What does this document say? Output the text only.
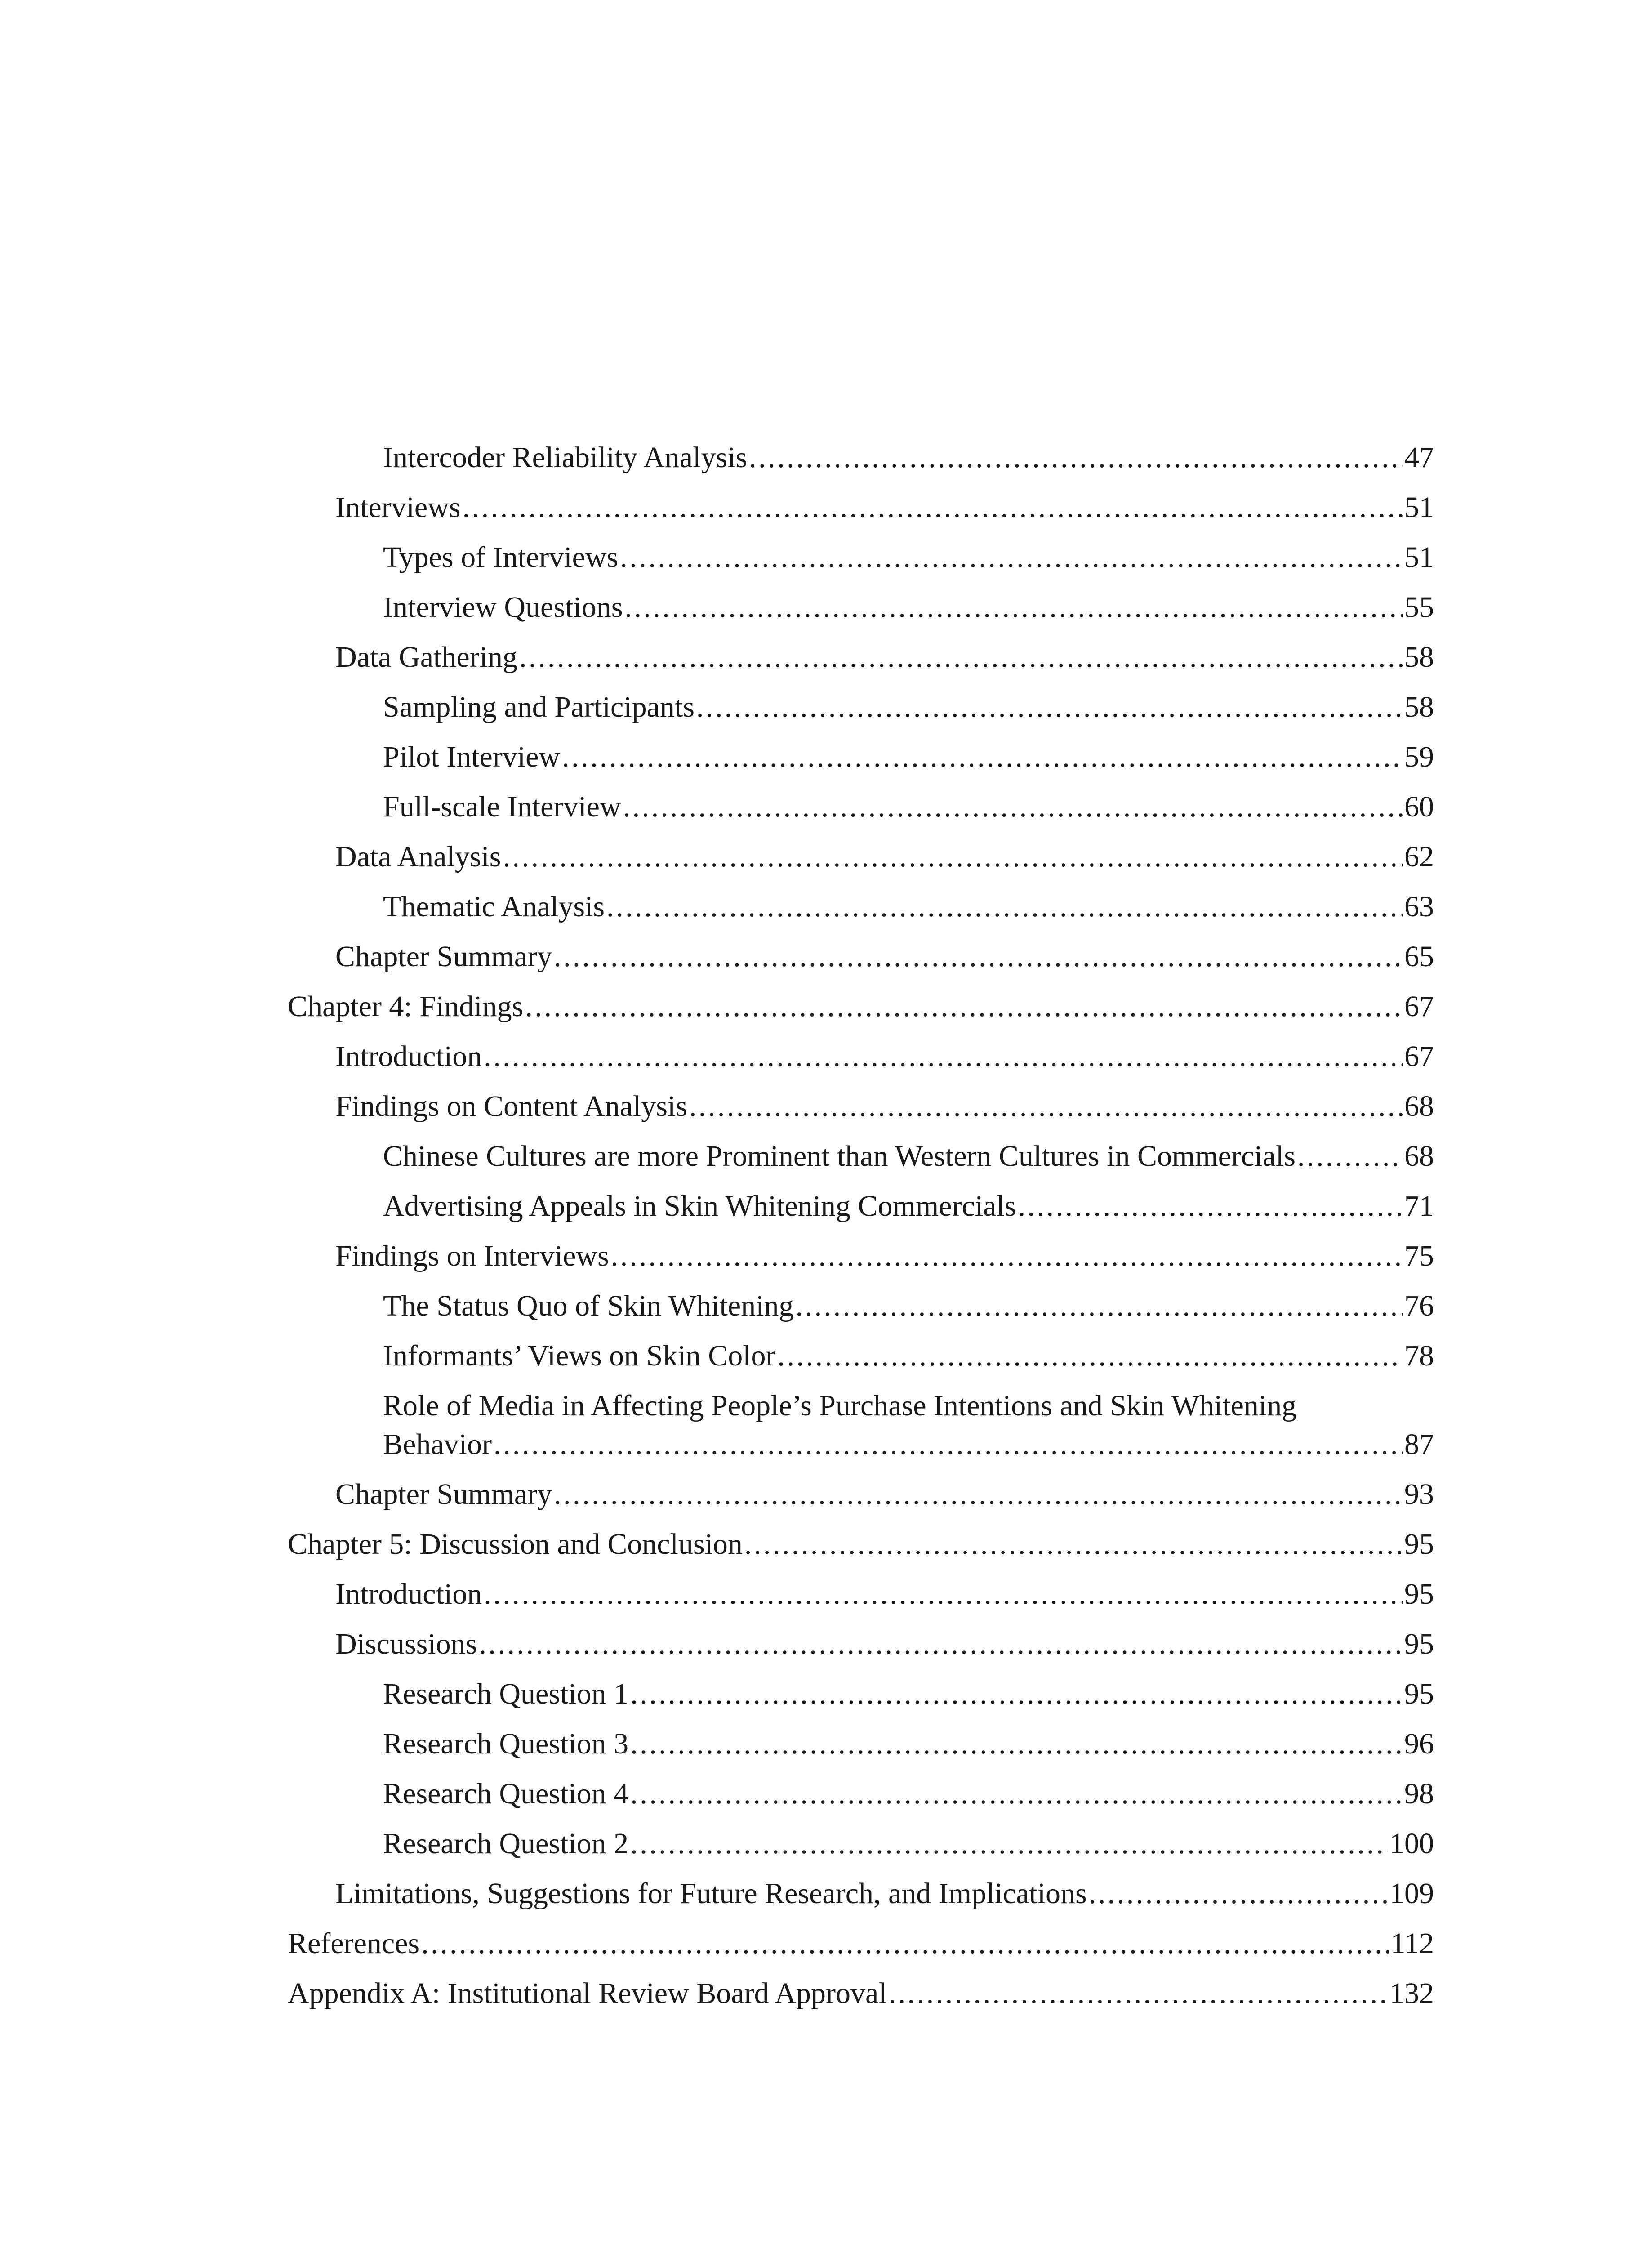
Intercoder Reliability Analysis . . .	47
Interviews . . .	51
Types of Interviews . . .	51
Interview Questions . . .	55
Data Gathering . . .	58
Sampling and Participants . . .	58
Pilot Interview . . .	59
Full-scale Interview . . .	60
Data Analysis . . .	62
Thematic Analysis . . .	63
Chapter Summary . . .	65
Chapter 4: Findings . . .	67
Introduction . . .	67
Findings on Content Analysis . . .	68
Chinese Cultures are more Prominent than Western Cultures in Commercials . . .	68
Advertising Appeals in Skin Whitening Commercials . . .	71
Findings on Interviews . . .	75
The Status Quo of Skin Whitening . . .	76
Informants’ Views on Skin Color . . .	78
Role of Media in Affecting People’s Purchase Intentions and Skin Whitening
Behavior . . .	87
Chapter Summary . . .	93
Chapter 5: Discussion and Conclusion . . .	95
Introduction . . .	95
Discussions . . .	95
Research Question 1 . . .	95
Research Question 3 . . .	96
Research Question 4 . . .	98
Research Question 2 . . .	100
Limitations, Suggestions for Future Research, and Implications . . .	109
References . . .	112
Appendix A: Institutional Review Board Approval . . .	132
